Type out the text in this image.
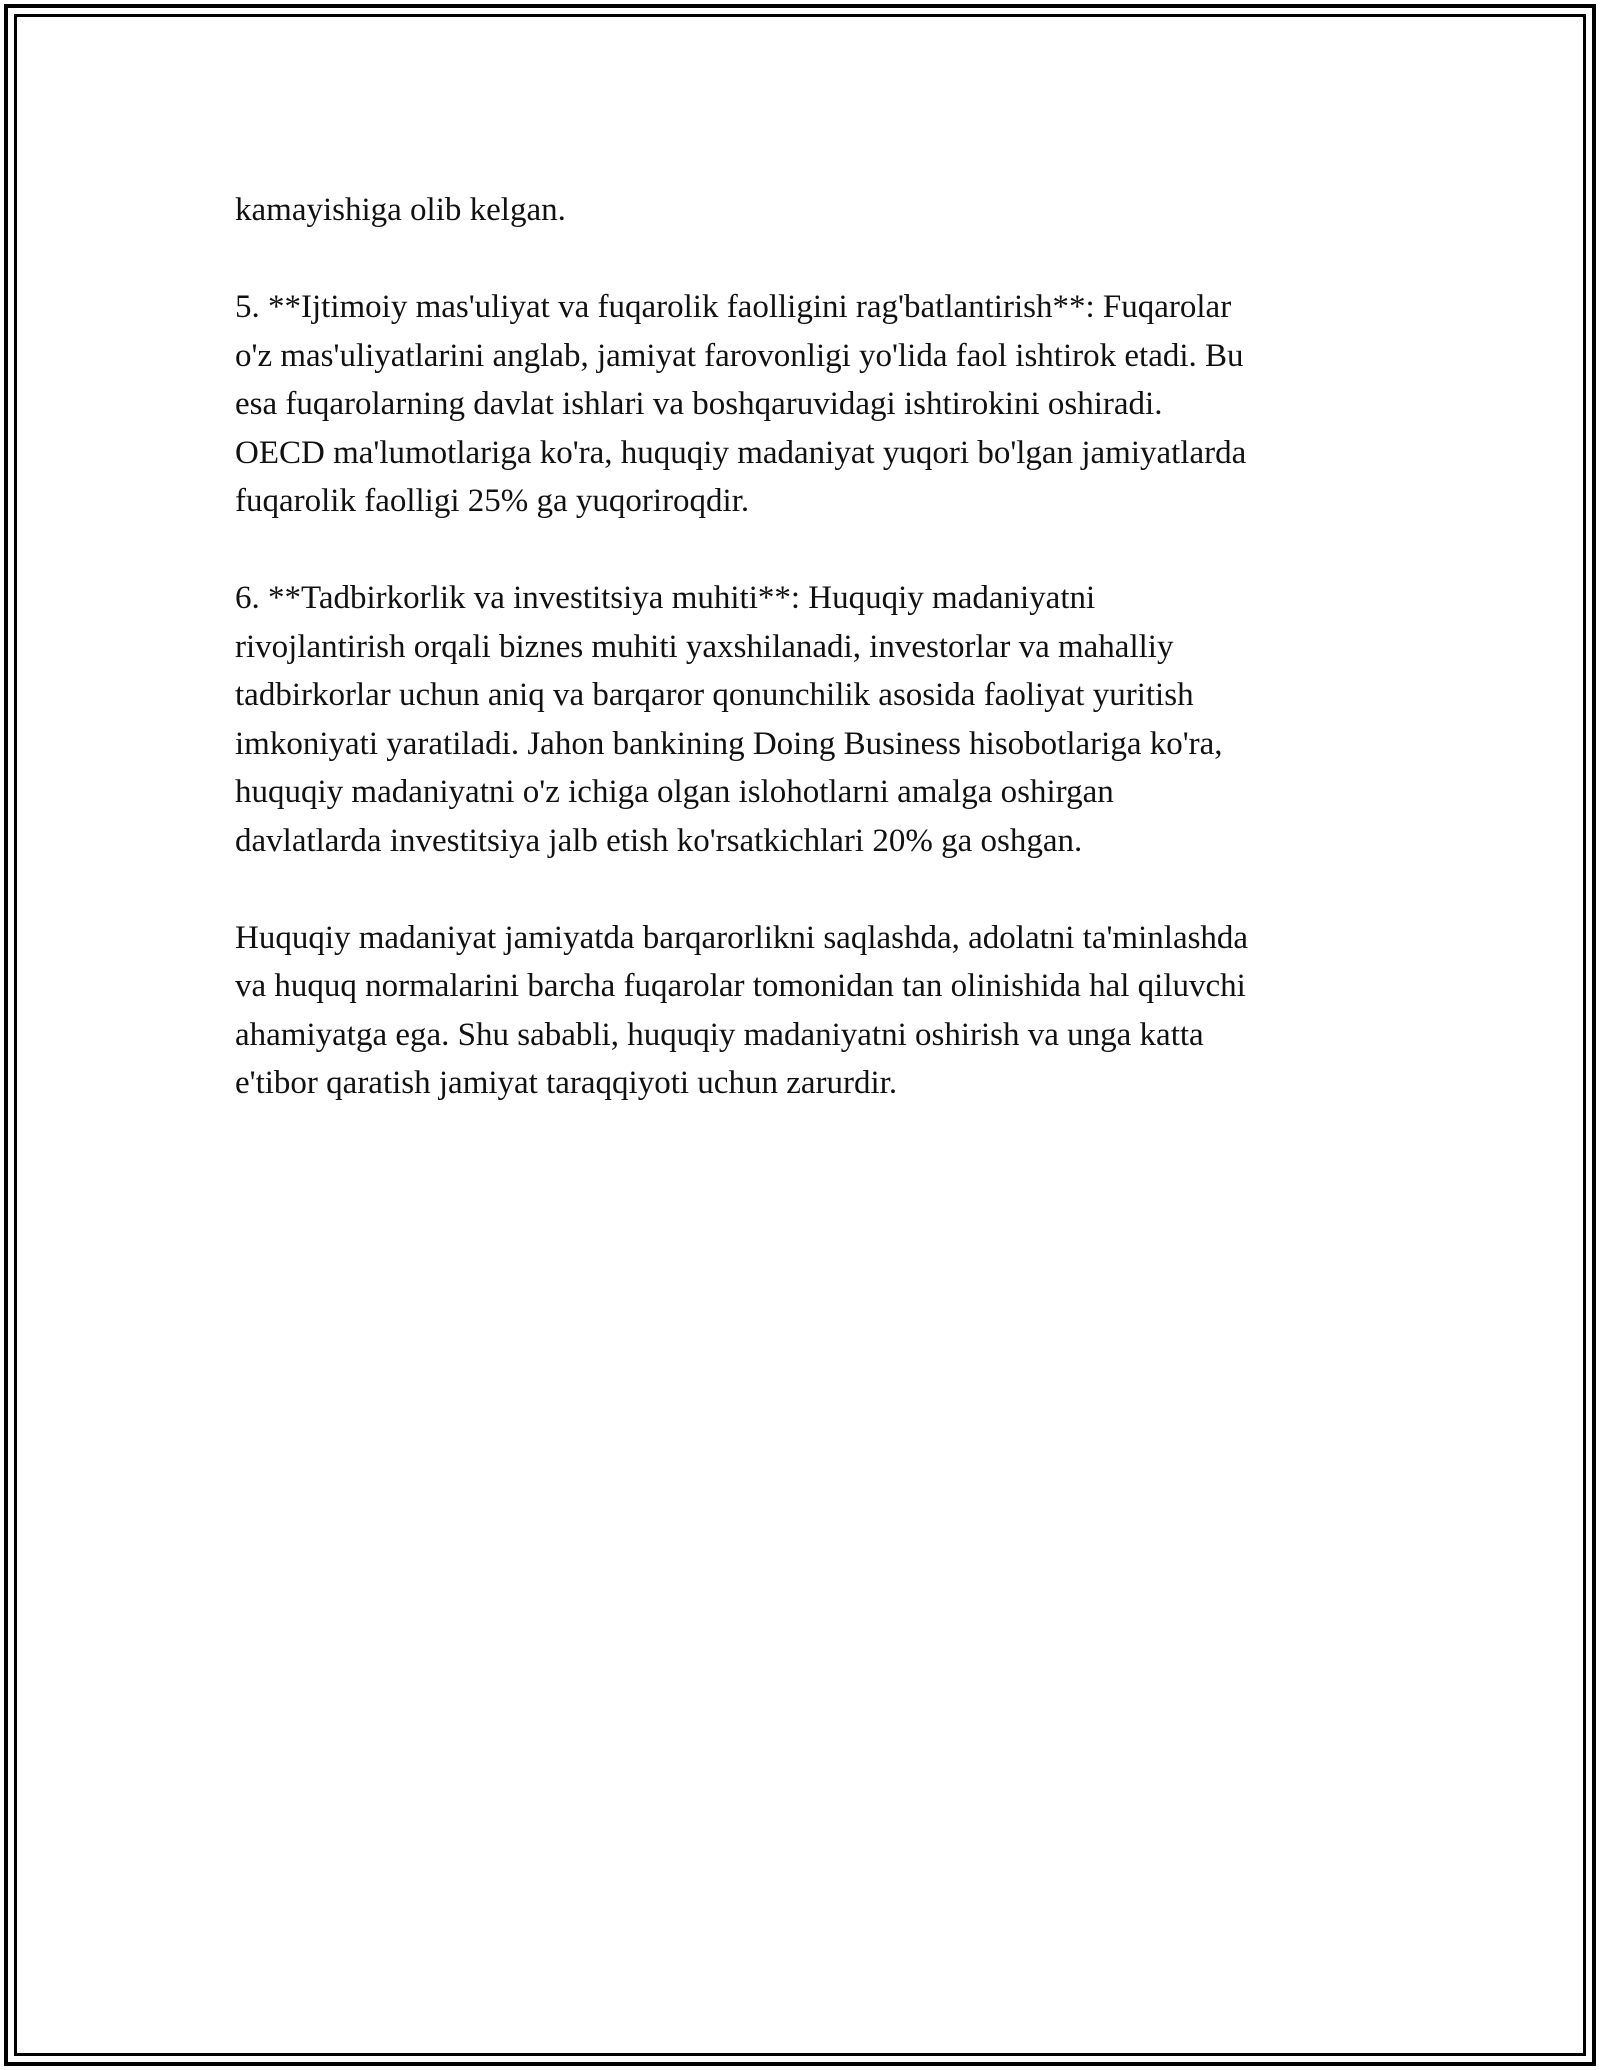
kamayishiga olib kelgan.

5. **Ijtimoiy mas'uliyat va fuqarolik faolligini rag'batlantirish**: Fuqarolar
o'z mas'uliyatlarini anglab, jamiyat farovonligi yo'lida faol ishtirok etadi. Bu
esa fuqarolarning davlat ishlari va boshqaruvidagi ishtirokini oshiradi.
OECD ma'lumotlariga ko'ra, huquqiy madaniyat yuqori bo'lgan jamiyatlarda
fuqarolik faolligi 25% ga yuqoriroqdir.

6. **Tadbirkorlik va investitsiya muhiti**: Huquqiy madaniyatni
rivojlantirish orqali biznes muhiti yaxshilanadi, investorlar va mahalliy
tadbirkorlar uchun aniq va barqaror qonunchilik asosida faoliyat yuritish
imkoniyati yaratiladi. Jahon bankining Doing Business hisobotlariga ko'ra,
huquqiy madaniyatni o'z ichiga olgan islohotlarni amalga oshirgan
davlatlarda investitsiya jalb etish ko'rsatkichlari 20% ga oshgan.

Huquqiy madaniyat jamiyatda barqarorlikni saqlashda, adolatni ta'minlashda
va huquq normalarini barcha fuqarolar tomonidan tan olinishida hal qiluvchi
ahamiyatga ega. Shu sababli, huquqiy madaniyatni oshirish va unga katta
e'tibor qaratish jamiyat taraqqiyoti uchun zarurdir.
